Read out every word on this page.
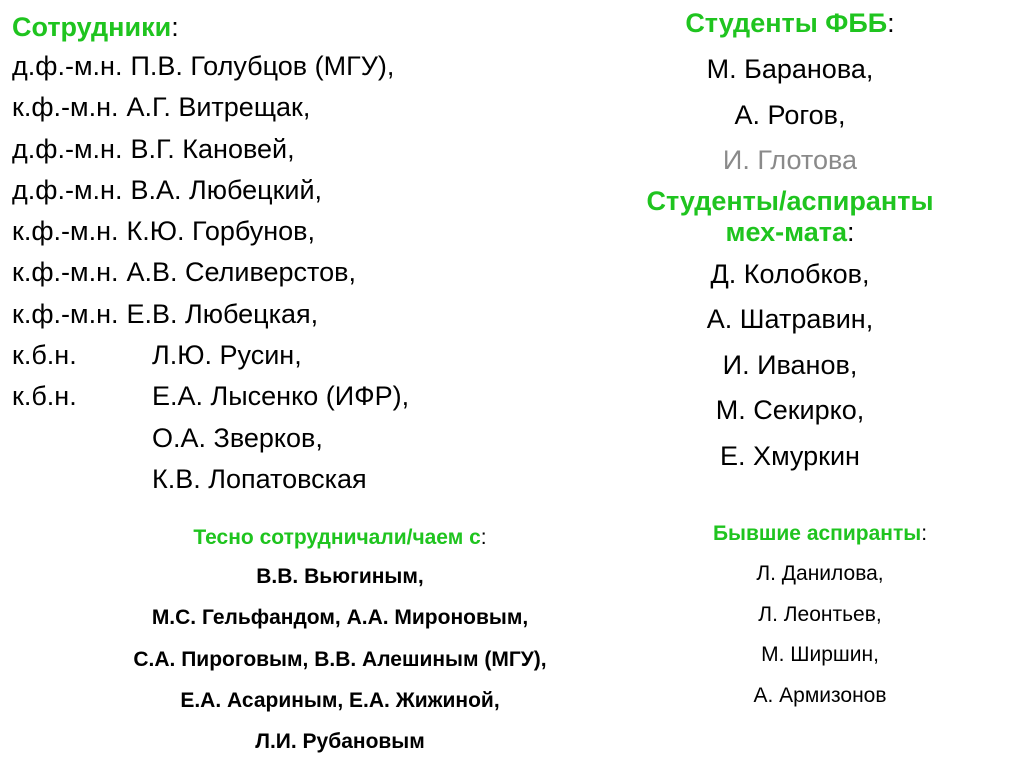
Сотрудники:
д.ф.-м.н. П.В. Голубцов (МГУ),
к.ф.-м.н. А.Г. Витрещак,
д.ф.-м.н. В.Г. Кановей,
д.ф.-м.н. В.А. Любецкий,
к.ф.-м.н. К.Ю. Горбунов,
к.ф.-м.н. А.В. Селиверстов,
к.ф.-м.н. Е.В. Любецкая,
к.б.н.	Л.Ю. Русин,
к.б.н.	Е.А. Лысенко (ИФР),
О.А. Зверков,
К.В. Лопатовская
Студенты ФББ:
М. Баранова,
А. Рогов,
И. Глотова
Студенты/аспиранты
мех-мата:
Д. Колобков,
А. Шатравин,
И. Иванов,
М. Секирко,
Е. Хмуркин
Тесно сотрудничали/чаем с:
В.В. Вьюгиным,
М.С. Гельфандом, А.А. Мироновым,
С.А. Пироговым, В.В. Алешиным (МГУ),
Е.А. Асариным, Е.А. Жижиной,
Л.И. Рубановым
Бывшие аспиранты:
Л. Данилова,
Л. Леонтьев,
М. Ширшин,
А. Армизонов
